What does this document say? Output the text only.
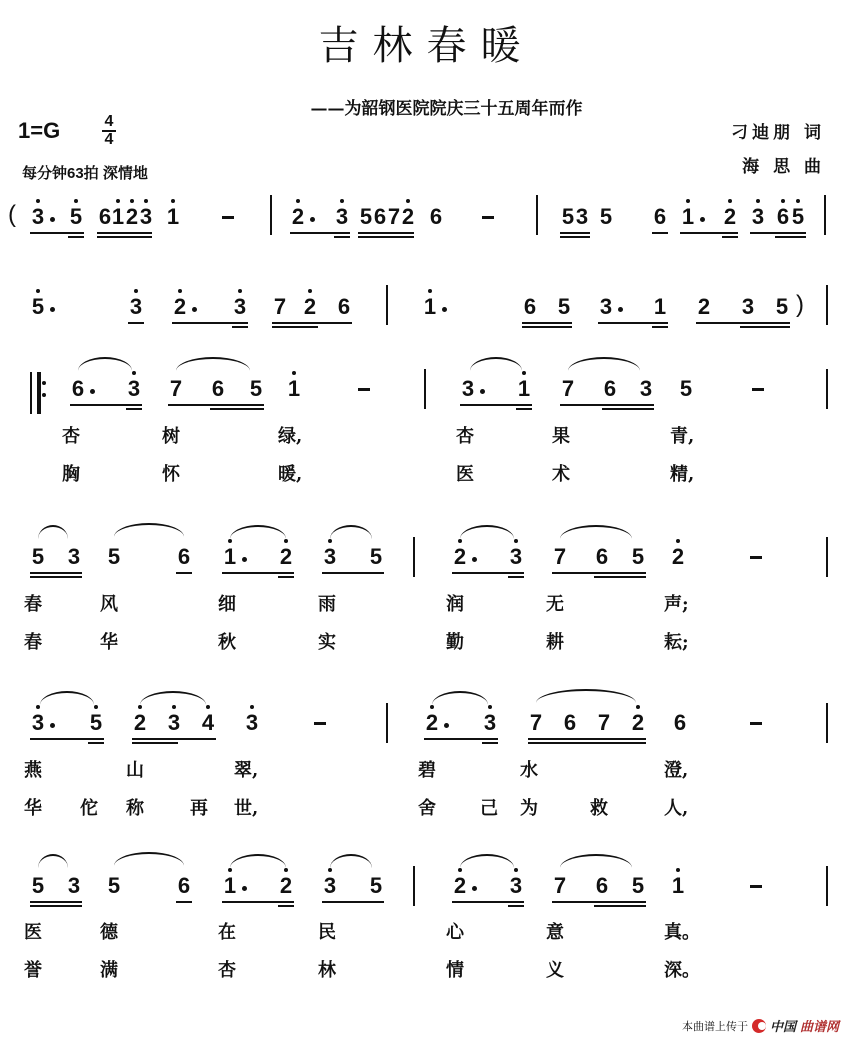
吉林春暖
——为韶钢医院院庆三十五周年而作
1=G	4
4
每分钟63拍 深情地
刁迪朋 词
海 思 曲
( 3 5 6 1 2 3 1	2 3 5 6 7 2 6	5 3 5 6 1 2 3 6 5
5	3 2 3 7 2 6	1	6 5 3 1 2 3 5 )
6 3 7 6 5 1	3 1 7 6 3 5
杏	树	绿,	杏	果	青,
胸	怀	暖,	医	术	精,
5 3 5	6 1 2 3 5	2 3 7 6 5 2
春	风	细	雨	润	无	声;
春	华	秋	实	勤	耕	耘;
3 5 2 3 4 3	2 3 7 6 7 2 6
燕	山	翠,	碧	水	澄,
华 佗 称	再 世,	舍 己 为	救	人,
5 3 5	6 1 2 3 5	2 3 7 6 5 1
医	德	在	民	心	意	真。
誉	满	杏	林	情	义	深。
本曲谱上传于 中国 曲谱网
